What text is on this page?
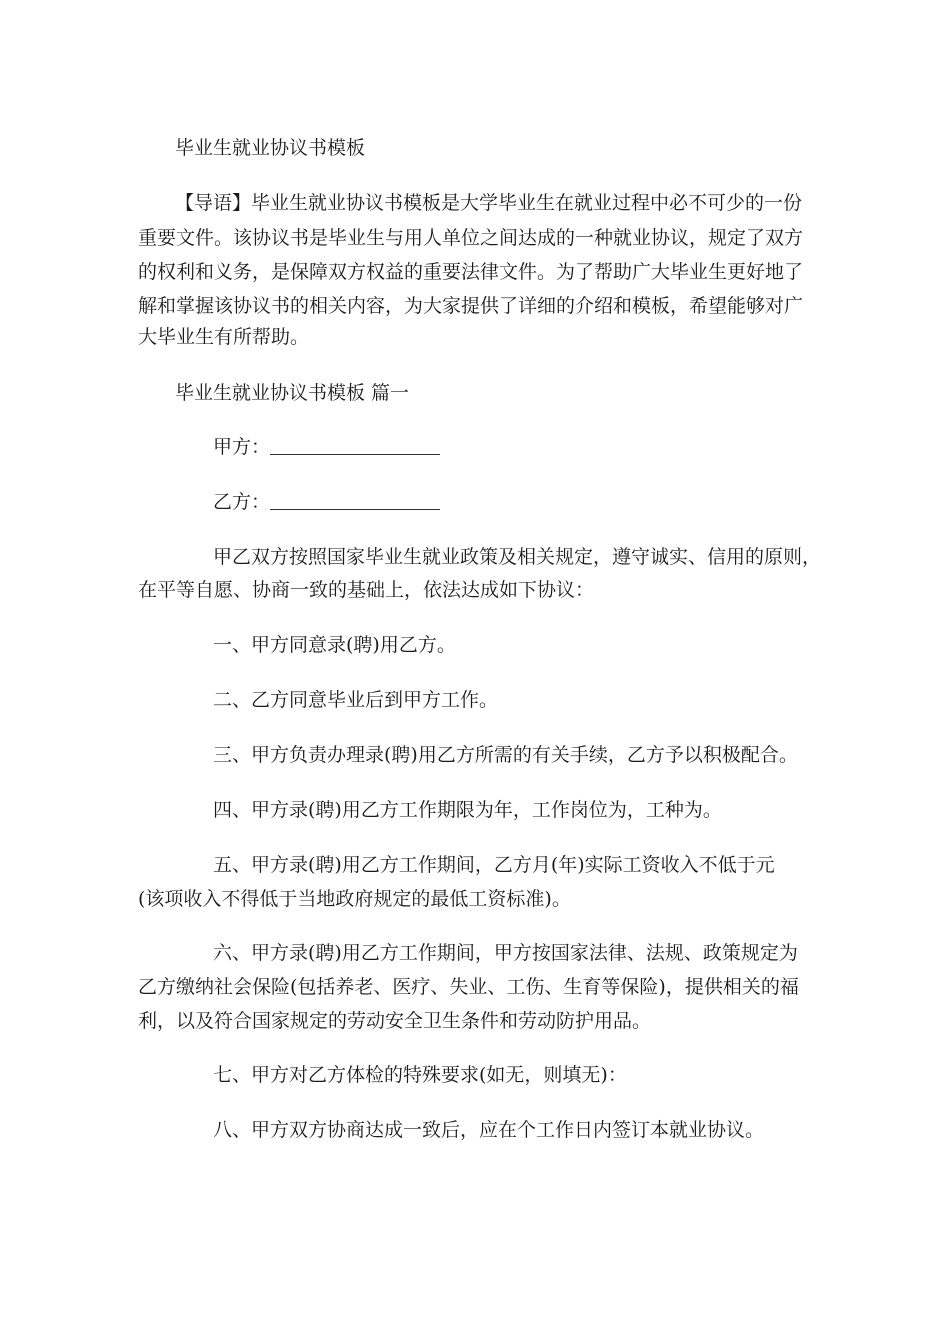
毕业生就业协议书模板
【导语】毕业生就业协议书模板是大学毕业生在就业过程中必不可少的一份
重要文件。该协议书是毕业生与用人单位之间达成的一种就业协议，规定了双方
的权利和义务，是保障双方权益的重要法律文件。为了帮助广大毕业生更好地了
解和掌握该协议书的相关内容，为大家提供了详细的介绍和模板，希望能够对广
大毕业生有所帮助。
毕业生就业协议书模板 篇一
甲方：
乙方：
甲乙双方按照国家毕业生就业政策及相关规定，遵守诚实、信用的原则，
在平等自愿、协商一致的基础上，依法达成如下协议：
一、甲方同意录(聘)用乙方。
二、乙方同意毕业后到甲方工作。
三、甲方负责办理录(聘)用乙方所需的有关手续，乙方予以积极配合。
四、甲方录(聘)用乙方工作期限为年，工作岗位为，工种为。
五、甲方录(聘)用乙方工作期间，乙方月(年)实际工资收入不低于元
(该项收入不得低于当地政府规定的最低工资标准)。
六、甲方录(聘)用乙方工作期间，甲方按国家法律、法规、政策规定为
乙方缴纳社会保险(包括养老、医疗、失业、工伤、生育等保险)，提供相关的福
利，以及符合国家规定的劳动安全卫生条件和劳动防护用品。
七、甲方对乙方体检的特殊要求(如无，则填无)：
八、甲方双方协商达成一致后，应在个工作日内签订本就业协议。
